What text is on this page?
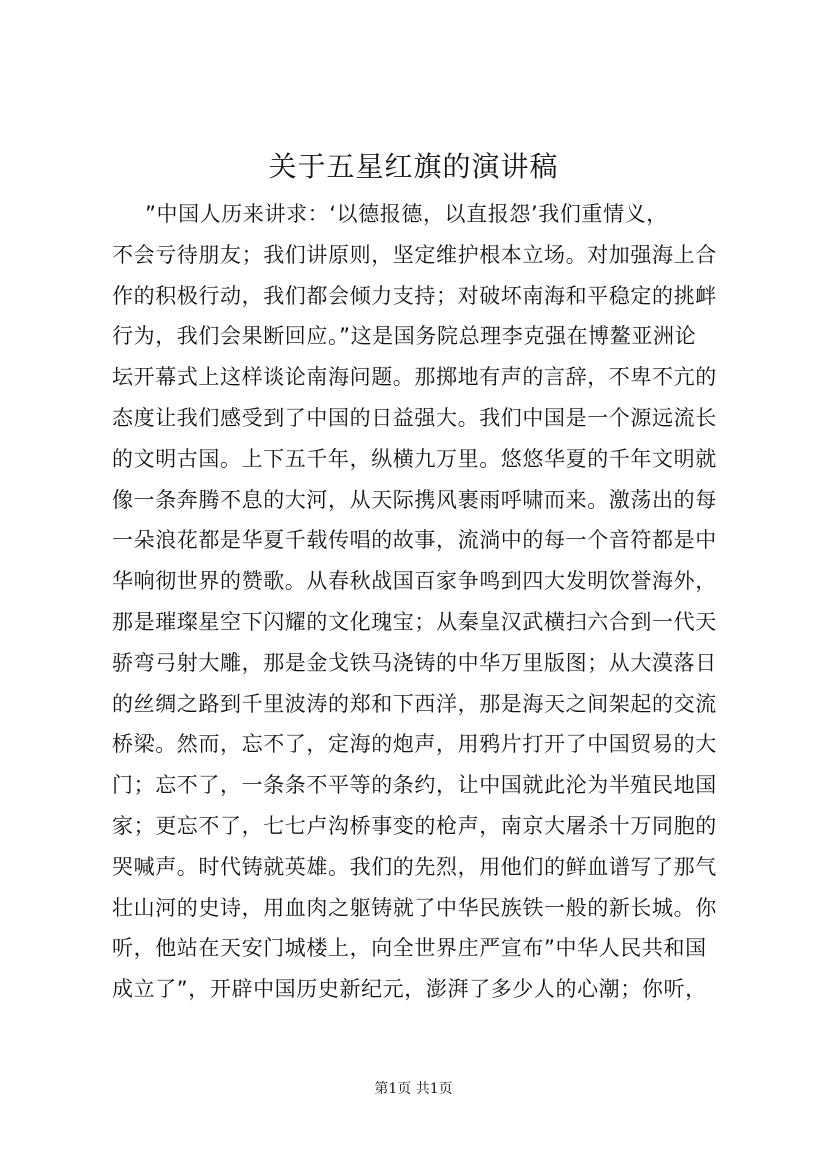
关于五星红旗的演讲稿
”中国人历来讲求：‘以德报德，以直报怨’我们重情义，
不会亏待朋友；我们讲原则，坚定维护根本立场。对加强海上合
作的积极行动，我们都会倾力支持；对破坏南海和平稳定的挑衅
行为，我们会果断回应。”这是国务院总理李克强在博鳌亚洲论
坛开幕式上这样谈论南海问题。那掷地有声的言辞，不卑不亢的
态度让我们感受到了中国的日益强大。我们中国是一个源远流长
的文明古国。上下五千年，纵横九万里。悠悠华夏的千年文明就
像一条奔腾不息的大河，从天际携风裹雨呼啸而来。激荡出的每
一朵浪花都是华夏千载传唱的故事，流淌中的每一个音符都是中
华响彻世界的赞歌。从春秋战国百家争鸣到四大发明饮誉海外，
那是璀璨星空下闪耀的文化瑰宝；从秦皇汉武横扫六合到一代天
骄弯弓射大雕，那是金戈铁马浇铸的中华万里版图；从大漠落日
的丝绸之路到千里波涛的郑和下西洋，那是海天之间架起的交流
桥梁。然而，忘不了，定海的炮声，用鸦片打开了中国贸易的大
门；忘不了，一条条不平等的条约，让中国就此沦为半殖民地国
家；更忘不了，七七卢沟桥事变的枪声，南京大屠杀十万同胞的
哭喊声。时代铸就英雄。我们的先烈，用他们的鲜血谱写了那气
壮山河的史诗，用血肉之躯铸就了中华民族铁一般的新长城。你
听，他站在天安门城楼上，向全世界庄严宣布”中华人民共和国
成立了”，开辟中国历史新纪元，澎湃了多少人的心潮；你听，
第1页 共1页
